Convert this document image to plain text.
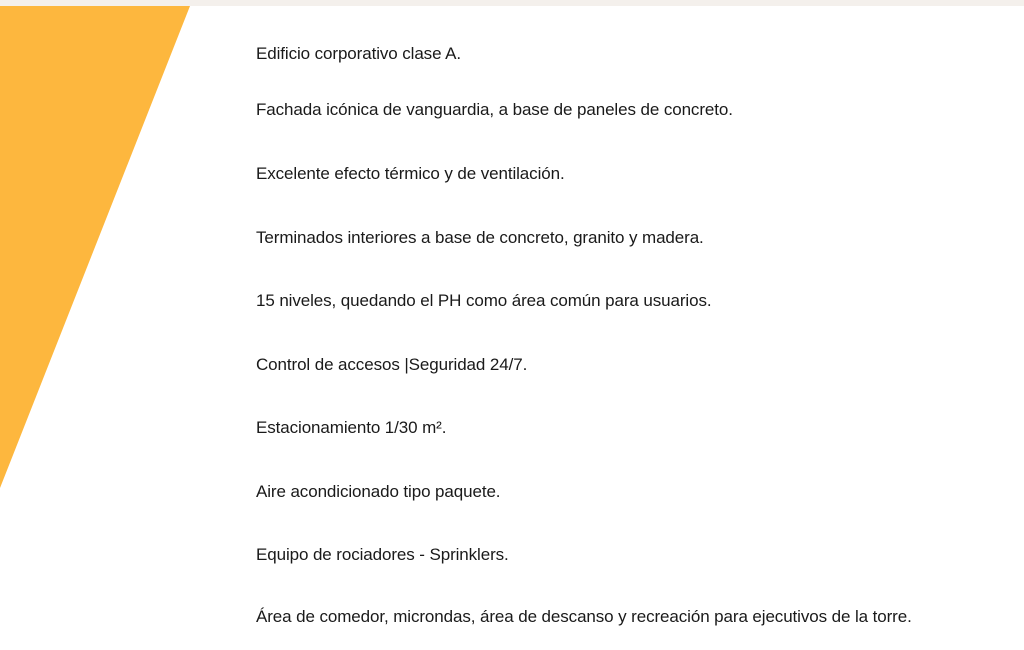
Edificio corporativo clase A.
Fachada icónica de vanguardia, a base de paneles de concreto.
Excelente efecto térmico y de ventilación.
Terminados interiores a base de concreto, granito y madera.
15 niveles, quedando el PH como área común para usuarios.
Control de accesos |Seguridad 24/7.
Estacionamiento 1/30 m².
Aire acondicionado tipo paquete.
Equipo de rociadores - Sprinklers.
Área de comedor, microndas, área de descanso y recreación para ejecutivos de la torre.
